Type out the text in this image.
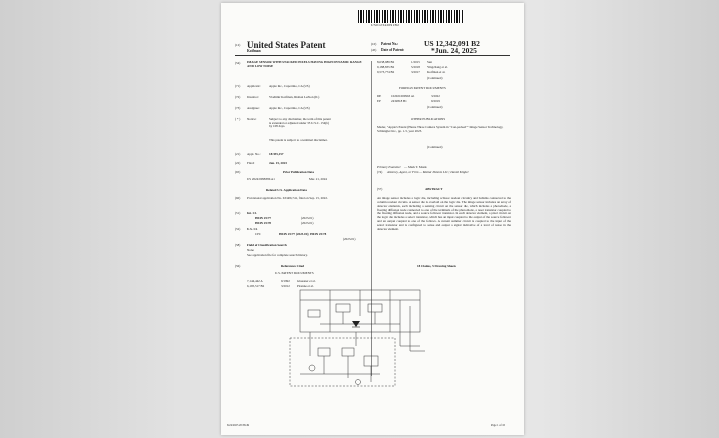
US012342091B2
(12) United States Patent
Koifman
(10) Patent No.:	US 12,342,091 B2
(45) Date of Patent:	*Jun. 24, 2025
(54) IMAGE SENSOR WITH STACKED PIXELS HAVING HIGH DYNAMIC RANGE AND LOW NOISE
(71) Applicant:	Apple Inc., Cupertino, CA (US)
(72) Inventor:	Vladimir Koifman, Rishon LeZion (IL)
(73) Assignee:	Apple Inc., Cupertino, CA (US)
( * ) Notice:	Subject to any disclaimer, the term of this patent is extended or adjusted under 35 U.S.C. 154(b) by 108 days.
This patent is subject to a terminal disclaimer.
(21) Appl. No.:	18/355,157
(22) Filed:	Jun. 15, 2023
(65)	Prior Publication Data
US 2024/0098386 A1	Mar. 21, 2024
Related U.S. Application Data
(60) Provisional application No. 63/406,741, filed on Sep. 15, 2022.
(51) Int. Cl.
H04N 25/77	(2023.01)
H04N 25/78	(2023.01)
(52) U.S. Cl.
CPC	H04N 25/77 (2023.01); H04N 25/78
(2023.01)
(58) Field of Classification Search
None
See application file for complete search history.
(56)	References Cited
U.S. PATENT DOCUMENTS
7,144,442 A	9/1992 Gluesner et al.
6,195,517 B2	3/2012 Pirenne et al.
8,638,989 B2	1/2015 Sun
9,188,835 B2	5/2018 Yingchang et al.
9,573,774 B2	3/2017 Koifman et al.
(Continued)
FOREIGN PATENT DOCUMENTS
DE	102021000963 A1	3/2022
EP	2432818 B1	9/2019
(Continued)
OTHER PUBLICATIONS
Mader, "Apple's Patent (Phone Three Camera System in "Con-packed"" Image Sensor Technology, Schlangler Inc., pp. 1-5, year 2023.
(Continued)
Primary Examiner — Mark T. Monk
(74) Attorney, Agent, or Firm — Mattar Patents LLC; Daniel Kligler
(57)	ABSTRACT
An image sensor includes a logic die, including sclissor readout circuitry and ballams connected to the column readout circuits. A sensor die is overlaid on the logic die. The image sensor includes an array of detector elements, each including a sensing circuit on the sensor die, which includes a photodiode, a floating diffusion node connected to one of the terminals of the photodiode, a reset transistor coupled to the floating diffusion node, and a source follower transistor. In each detector element, a pixel circuit on the logic die includes a select transistor, which has an input coupled to the output of the source follower and an output coupled to one of the follows. A current summer circuit is coupled to the input of the select transistor and is configured to sense and output a signal indicative of a level of noise in the detector element.
18 Claims, 5 Drawing Sheets
6/24/2025 20:36:49	Page 1 of 10
